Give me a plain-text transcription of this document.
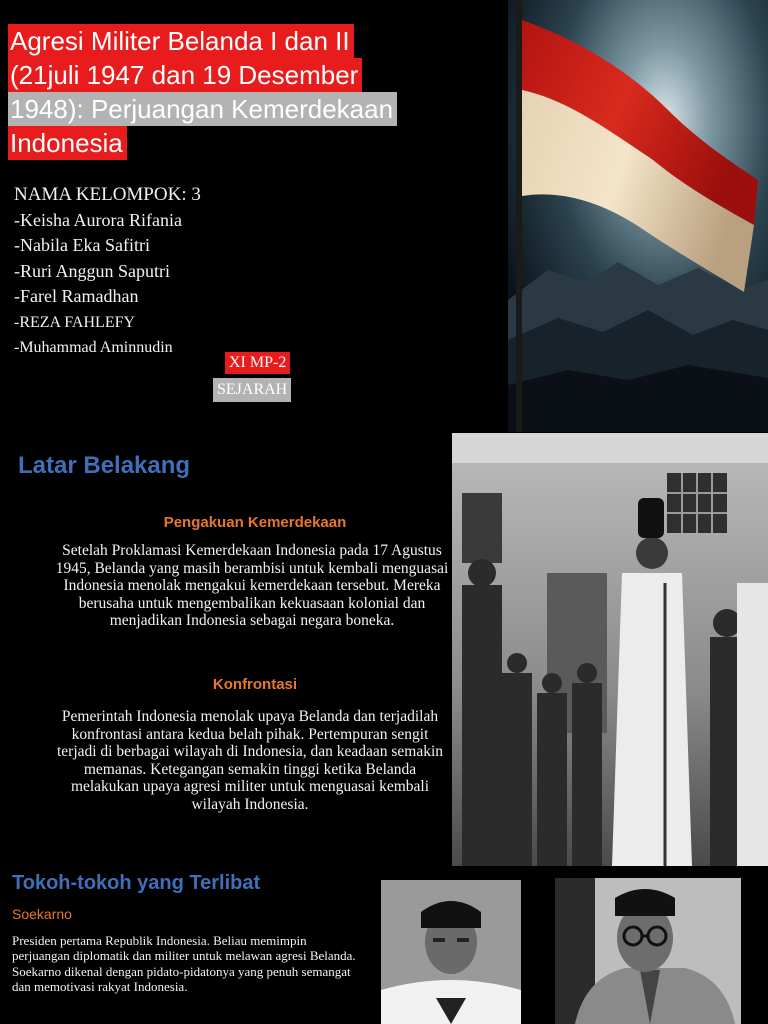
Agresi Militer Belanda I dan II
(21juli 1947 dan 19 Desember
1948): Perjuangan Kemerdekaan
Indonesia
NAMA KELOMPOK: 3
-Keisha Aurora Rifania
-Nabila Eka Safitri
-Ruri Anggun Saputri
-Farel Ramadhan
-REZA FAHLEFY
-Muhammad Aminnudin
XI MP-2
SEJARAH
Latar Belakang
Pengakuan Kemerdekaan
Setelah Proklamasi Kemerdekaan Indonesia pada 17 Agustus 1945, Belanda yang masih berambisi untuk kembali menguasai Indonesia menolak mengakui kemerdekaan tersebut. Mereka berusaha untuk mengembalikan kekuasaan kolonial dan menjadikan Indonesia sebagai negara boneka.
Konfrontasi
Pemerintah Indonesia menolak upaya Belanda dan terjadilah konfrontasi antara kedua belah pihak. Pertempuran sengit terjadi di berbagai wilayah di Indonesia, dan keadaan semakin memanas. Ketegangan semakin tinggi ketika Belanda melakukan upaya agresi militer untuk menguasai kembali wilayah Indonesia.
Tokoh-tokoh yang Terlibat
Soekarno
Presiden pertama Republik Indonesia. Beliau memimpin perjuangan diplomatik dan militer untuk melawan agresi Belanda. Soekarno dikenal dengan pidato-pidatonya yang penuh semangat dan memotivasi rakyat Indonesia.
